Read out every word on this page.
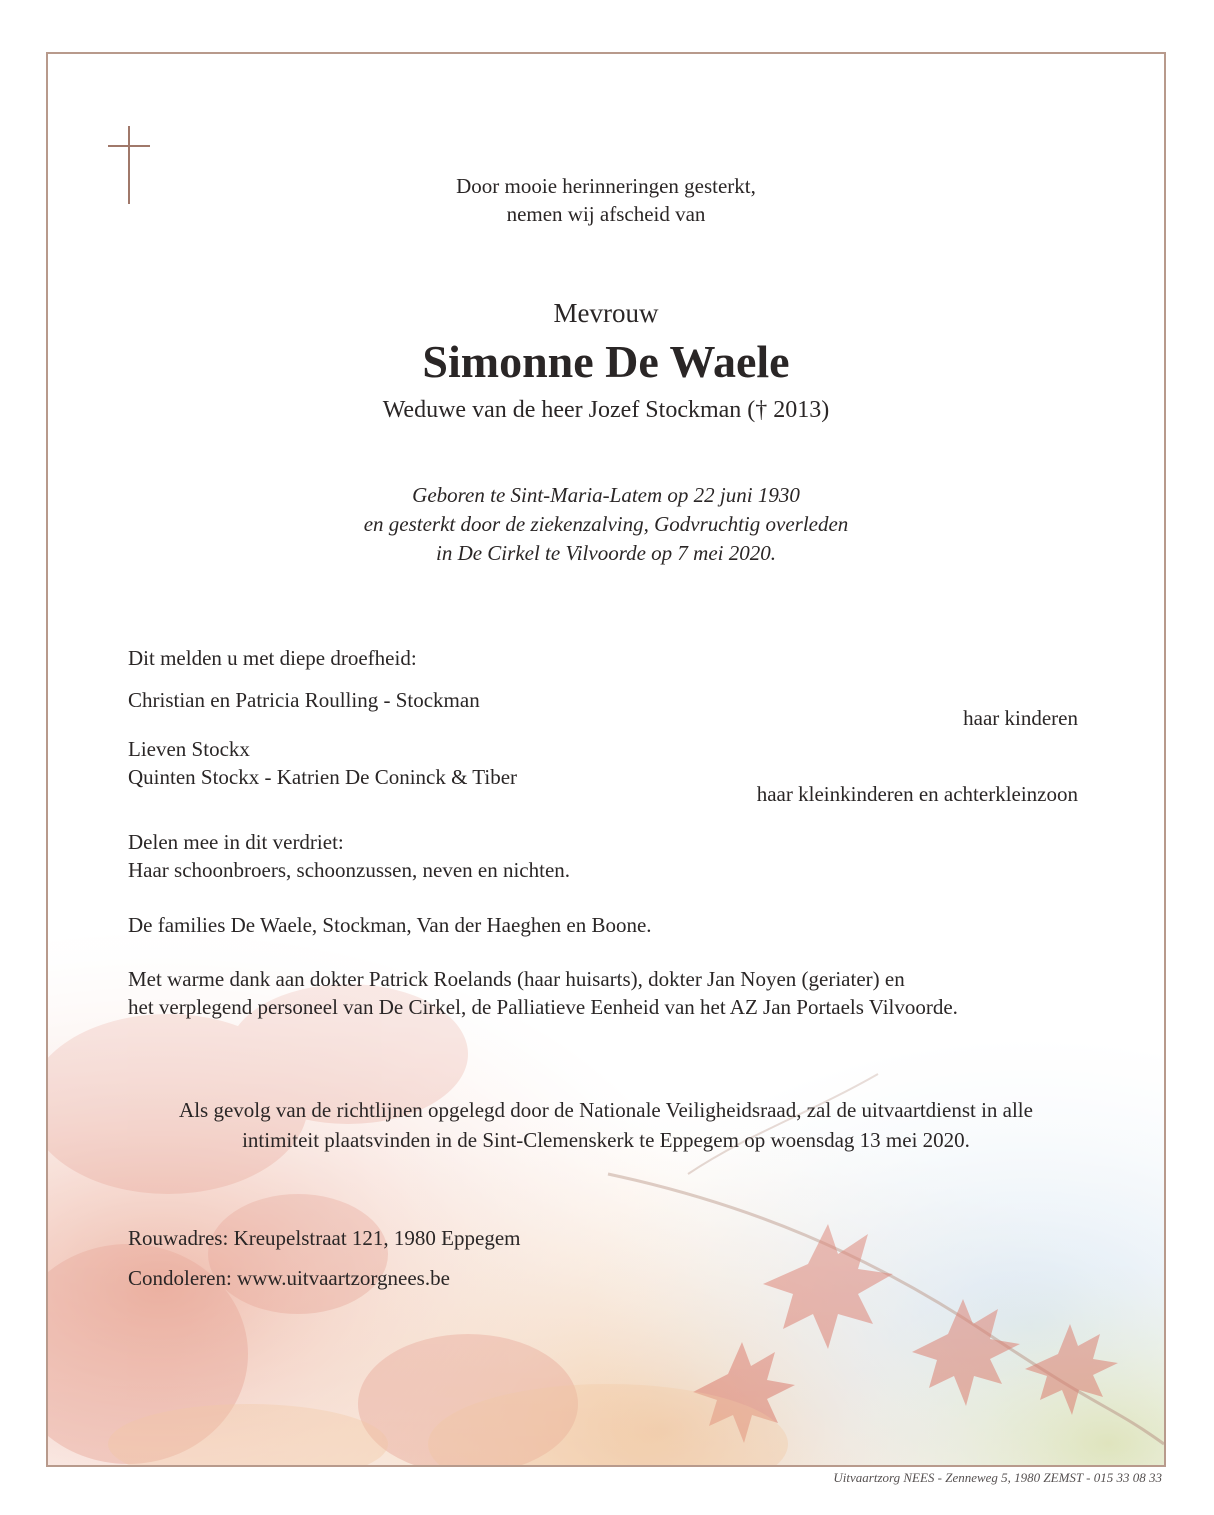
Door mooie herinneringen gesterkt,
nemen wij afscheid van
Mevrouw
Simonne De Waele
Weduwe van de heer Jozef Stockman († 2013)
Geboren te Sint-Maria-Latem op 22 juni 1930
en gesterkt door de ziekenzalving, Godvruchtig overleden
in De Cirkel te Vilvoorde op 7 mei 2020.
Dit melden u met diepe droefheid:
Christian en Patricia Roulling - Stockman
haar kinderen
Lieven Stockx
Quinten Stockx - Katrien De Coninck & Tiber
haar kleinkinderen en achterkleinzoon
Delen mee in dit verdriet:
Haar schoonbroers, schoonzussen, neven en nichten.
De families De Waele, Stockman, Van der Haeghen en Boone.
Met warme dank aan dokter Patrick Roelands (haar huisarts), dokter Jan Noyen (geriater) en
het verplegend personeel van De Cirkel, de Palliatieve Eenheid van het AZ Jan Portaels Vilvoorde.
Als gevolg van de richtlijnen opgelegd door de Nationale Veiligheidsraad, zal de uitvaartdienst in alle
intimiteit plaatsvinden in de Sint-Clemenskerk te Eppegem op woensdag 13 mei 2020.
Rouwadres: Kreupelstraat 121, 1980 Eppegem
Condoleren: www.uitvaartzorgnees.be
Uitvaartzorg NEES - Zenneweg 5, 1980 ZEMST - 015 33 08 33
